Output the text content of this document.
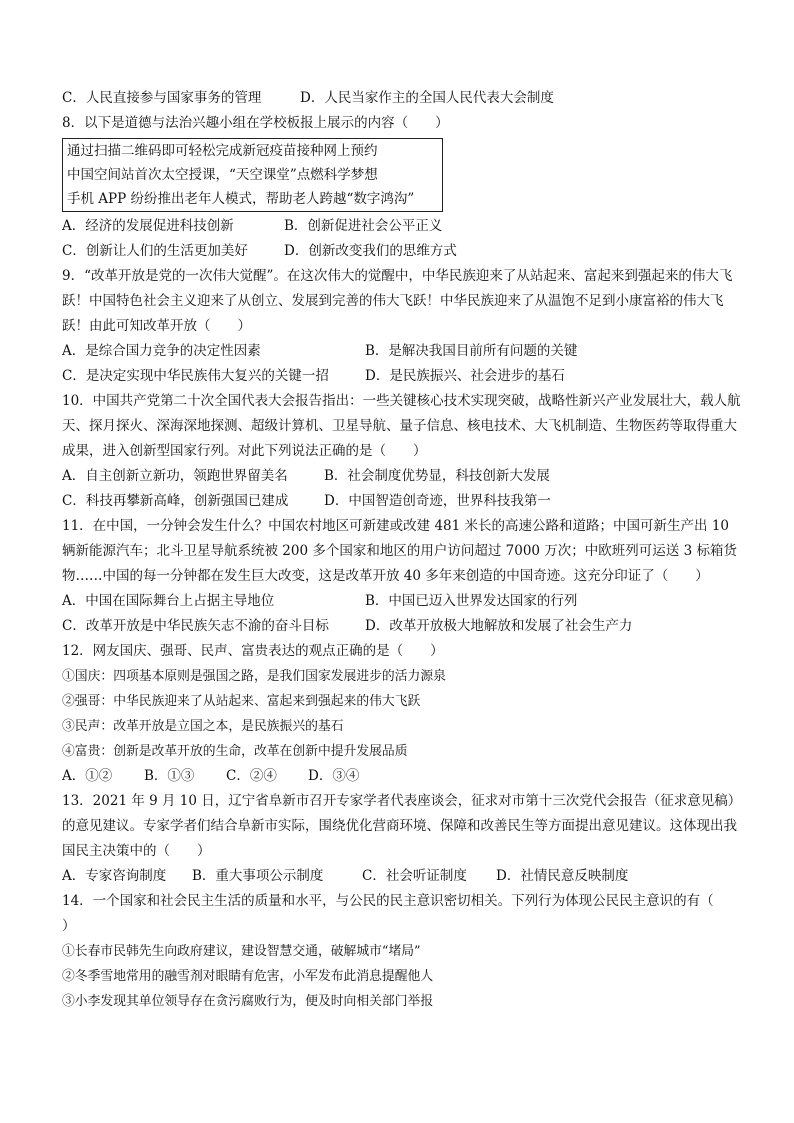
C．人民直接参与国家事务的管理	D．人民当家作主的全国人民代表大会制度
8．以下是道德与法治兴趣小组在学校板报上展示的内容（　　）
通过扫描二维码即可轻松完成新冠疫苗接种网上预约
中国空间站首次太空授课，“天空课堂”点燃科学梦想
手机 APP 纷纷推出老年人模式，帮助老人跨越“数字鸿沟”
A．经济的发展促进科技创新	B．创新促进社会公平正义
C．创新让人们的生活更加美好	D．创新改变我们的思维方式
9．“改革开放是党的一次伟大觉醒”。在这次伟大的觉醒中，中华民族迎来了从站起来、富起来到强起来的伟大飞跃！中国特色社会主义迎来了从创立、发展到完善的伟大飞跃！中华民族迎来了从温饱不足到小康富裕的伟大飞跃！由此可知改革开放（　　）
A．是综合国力竞争的决定性因素	B．是解决我国目前所有问题的关键
C．是决定实现中华民族伟大复兴的关键一招	D．是民族振兴、社会进步的基石
10．中国共产党第二十次全国代表大会报告指出：一些关键核心技术实现突破，战略性新兴产业发展壮大，载人航天、探月探火、深海深地探测、超级计算机、卫星导航、量子信息、核电技术、大飞机制造、生物医药等取得重大成果，进入创新型国家行列。对此下列说法正确的是（　　）
A．自主创新立新功，领跑世界留美名	B．社会制度优势显，科技创新大发展
C．科技再攀新高峰，创新强国已建成	D．中国智造创奇迹，世界科技我第一
11．在中国，一分钟会发生什么？中国农村地区可新建或改建 481 米长的高速公路和道路；中国可新生产出 10 辆新能源汽车；北斗卫星导航系统被 200 多个国家和地区的用户访问超过 7000 万次；中欧班列可运送 3 标箱货物……中国的每一分钟都在发生巨大改变，这是改革开放 40 多年来创造的中国奇迹。这充分印证了（　　）
A．中国在国际舞台上占据主导地位	B．中国已迈入世界发达国家的行列
C．改革开放是中华民族矢志不渝的奋斗目标	D．改革开放极大地解放和发展了社会生产力
12．网友国庆、强哥、民声、富贵表达的观点正确的是（　　）
①国庆：四项基本原则是强国之路，是我们国家发展进步的活力源泉
②强哥：中华民族迎来了从站起来、富起来到强起来的伟大飞跃
③民声：改革开放是立国之本，是民族振兴的基石
④富贵：创新是改革开放的生命，改革在创新中提升发展品质
A．①②	B．①③	C．②④	D．③④
13．2021 年 9 月 10 日，辽宁省阜新市召开专家学者代表座谈会，征求对市第十三次党代会报告（征求意见稿）的意见建议。专家学者们结合阜新市实际，围绕优化营商环境、保障和改善民生等方面提出意见建议。这体现出我国民主决策中的（　　）
A．专家咨询制度	B．重大事项公示制度	C．社会听证制度	D．社情民意反映制度
14．一个国家和社会民主生活的质量和水平，与公民的民主意识密切相关。下列行为体现公民民主意识的有（　　）
①长春市民韩先生向政府建议，建设智慧交通，破解城市“堵局”
②冬季雪地常用的融雪剂对眼睛有危害，小军发布此消息提醒他人
③小李发现其单位领导存在贪污腐败行为，便及时向相关部门举报
